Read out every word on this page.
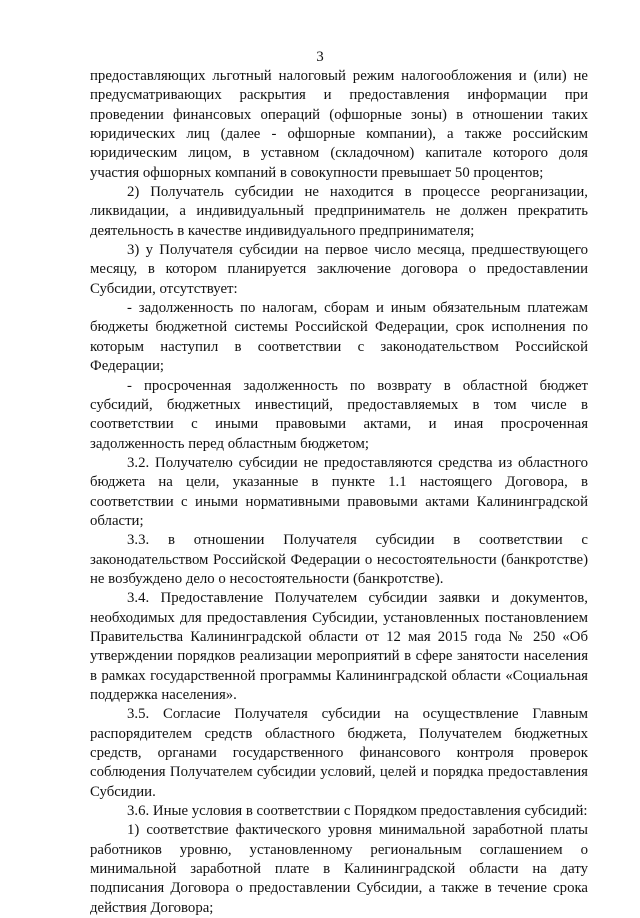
3

предоставляющих льготный налоговый режим налогообложения и (или) не предусматривающих раскрытия и предоставления информации при проведении финансовых операций (офшорные зоны) в отношении таких юридических лиц (далее - офшорные компании), а также российским юридическим лицом, в уставном (складочном) капитале которого доля участия офшорных компаний в совокупности превышает 50 процентов;

2) Получатель субсидии не находится в процессе реорганизации, ликвидации, а индивидуальный предприниматель не должен прекратить деятельность в качестве индивидуального предпринимателя;

3) у Получателя субсидии на первое число месяца, предшествующего месяцу, в котором планируется заключение договора о предоставлении Субсидии, отсутствует:

- задолженность по налогам, сборам и иным обязательным платежам бюджеты бюджетной системы Российской Федерации, срок исполнения по которым наступил в соответствии с законодательством Российской Федерации;

- просроченная задолженность по возврату в областной бюджет субсидий, бюджетных инвестиций, предоставляемых в том числе в соответствии с иными правовыми актами, и иная просроченная задолженность перед областным бюджетом;

3.2. Получателю субсидии не предоставляются средства из областного бюджета на цели, указанные в пункте 1.1 настоящего Договора, в соответствии с иными нормативными правовыми актами Калининградской области;

3.3. в отношении Получателя субсидии в соответствии с законодательством Российской Федерации о несостоятельности (банкротстве) не возбуждено дело о несостоятельности (банкротстве).

3.4. Предоставление Получателем субсидии заявки и документов, необходимых для предоставления Субсидии, установленных постановлением Правительства Калининградской области от 12 мая 2015 года № 250 «Об утверждении порядков реализации мероприятий в сфере занятости населения в рамках государственной программы Калининградской области «Социальная поддержка населения».

3.5. Согласие Получателя субсидии на осуществление Главным распорядителем средств областного бюджета, Получателем бюджетных средств, органами государственного финансового контроля проверок соблюдения Получателем субсидии условий, целей и порядка предоставления Субсидии.

3.6. Иные условия в соответствии с Порядком предоставления субсидий:

1) соответствие фактического уровня минимальной заработной платы работников уровню, установленному региональным соглашением о минимальной заработной плате в Калининградской области на дату подписания Договора о предоставлении Субсидии, а также в течение срока действия Договора;
